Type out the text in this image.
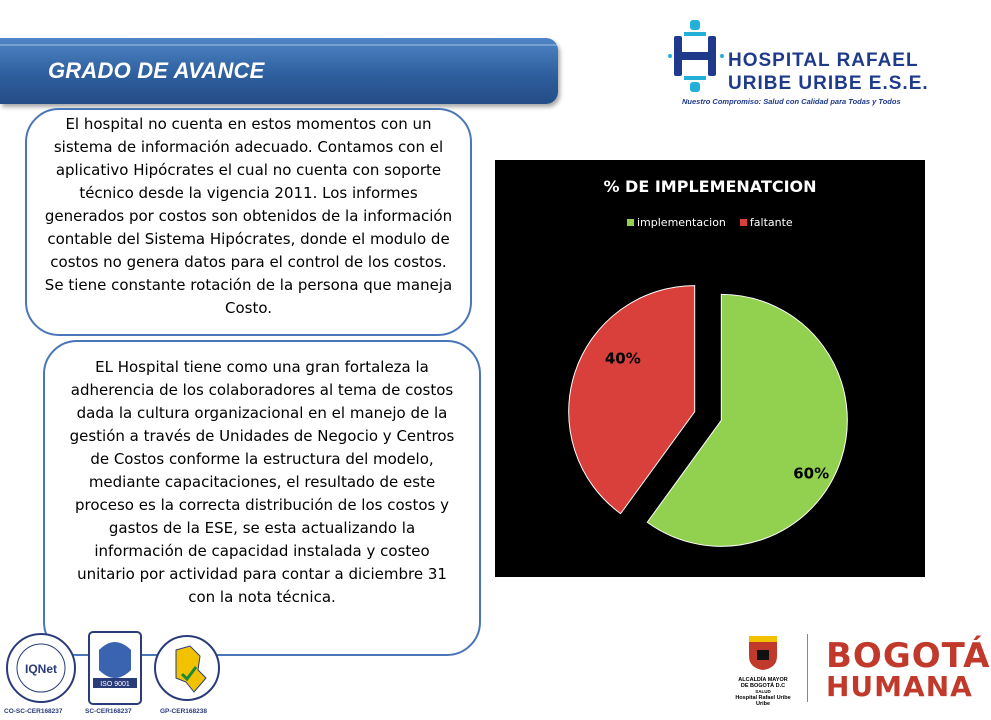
GRADO DE AVANCE	HOSPITAL RAFAEL
URIBE URIBE E.S.E.
Nuestro Compromiso: Salud con Calidad para Todas y Todos
El hospital no cuenta en estos momentos con un sistema de información adecuado. Contamos con el aplicativo Hipócrates el cual no cuenta con soporte técnico desde la vigencia 2011. Los informes generados por costos son obtenidos de la información contable del Sistema Hipócrates, donde el modulo de costos no genera datos para el control de los costos. Se tiene constante rotación de la persona que maneja Costo.
EL Hospital tiene como una gran fortaleza la adherencia de los colaboradores al tema de costos dada la cultura organizacional en el manejo de la gestión a través de Unidades de Negocio y Centros de Costos conforme la estructura del modelo, mediante capacitaciones, el resultado de este proceso es la correcta distribución de los costos y gastos de la ESE, se esta actualizando la información de capacidad instalada y costeo unitario por actividad para contar a diciembre 31 con la nota técnica.
% DE IMPLEMENATCION
implementacion faltante
60%
40%
IQNet
CO-SC-CER168237
ISO 9001
SC-CER168237	GP-CER168238
ALCALDÍA MAYOR
DE BOGOTÁ D.C
SALUD
Hospital Rafael Uribe Uribe
BOGOTÁ
HUMANA
